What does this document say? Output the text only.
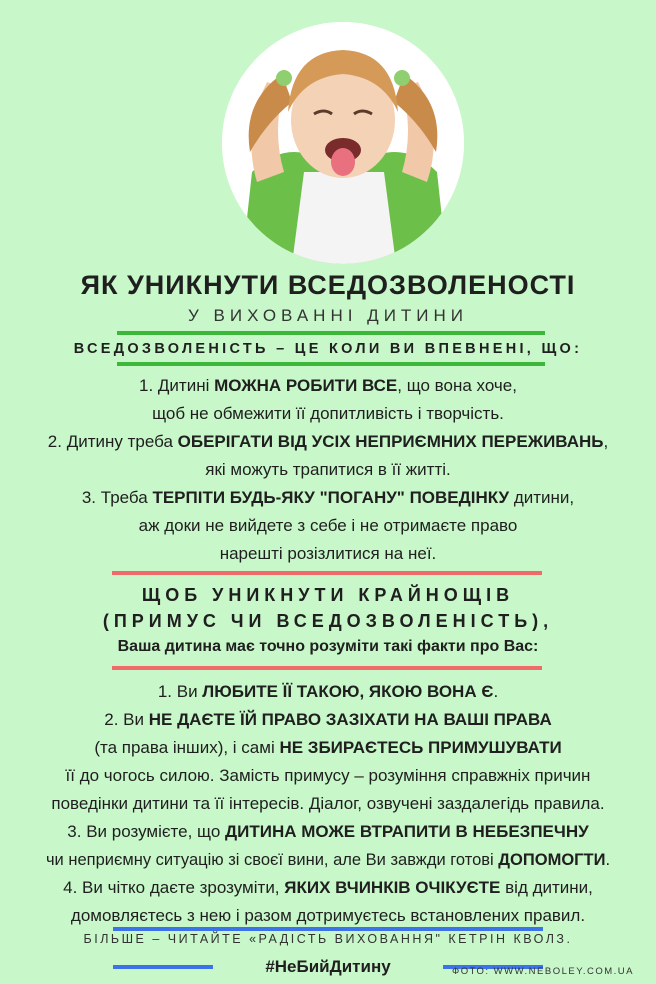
ЯК УНИКНУТИ ВСЕДОЗВОЛЕНОСТІ
У ВИХОВАННІ ДИТИНИ
ВСЕДОЗВОЛЕНІСТЬ – ЦЕ КОЛИ ВИ ВПЕВНЕНІ, ЩО:
1. Дитині МОЖНА РОБИТИ ВСЕ, що вона хоче,
щоб не обмежити її допитливість і творчість.
2. Дитину треба ОБЕРІГАТИ ВІД УСІХ НЕПРИЄМНИХ ПЕРЕЖИВАНЬ,
які можуть трапитися в її житті.
3. Треба ТЕРПІТИ БУДЬ-ЯКУ "ПОГАНУ" ПОВЕДІНКУ дитини,
аж доки не вийдете з себе і не отримаєте право
нарешті розізлитися на неї.
ЩОБ УНИКНУТИ КРАЙНОЩІВ
(ПРИМУС ЧИ ВСЕДОЗВОЛЕНІСТЬ),
Ваша дитина має точно розуміти такі факти про Вас:
1. Ви ЛЮБИТЕ ЇЇ ТАКОЮ, ЯКОЮ ВОНА Є.
2. Ви НЕ ДАЄТЕ ЇЙ ПРАВО ЗАЗІХАТИ НА ВАШІ ПРАВА
(та права інших), і самі НЕ ЗБИРАЄТЕСЬ ПРИМУШУВАТИ
її до чогось силою. Замість примусу – розуміння справжніх причин
поведінки дитини та її інтересів. Діалог, озвучені заздалегідь правила.
3. Ви розумієте, що ДИТИНА МОЖЕ ВТРАПИТИ В НЕБЕЗПЕЧНУ
чи неприємну ситуацію зі своєї вини, але Ви завжди готові ДОПОМОГТИ.
4. Ви чітко даєте зрозуміти, ЯКИХ ВЧИНКІВ ОЧІКУЄТЕ від дитини,
домовляєтесь з нею і разом дотримуєтесь встановлених правил.
БІЛЬШЕ – ЧИТАЙТЕ «РАДІСТЬ ВИХОВАННЯ" КЕТРІН КВОЛЗ.
#НеБийДитину	ФОТО: WWW.NEBOLEY.COM.UA
